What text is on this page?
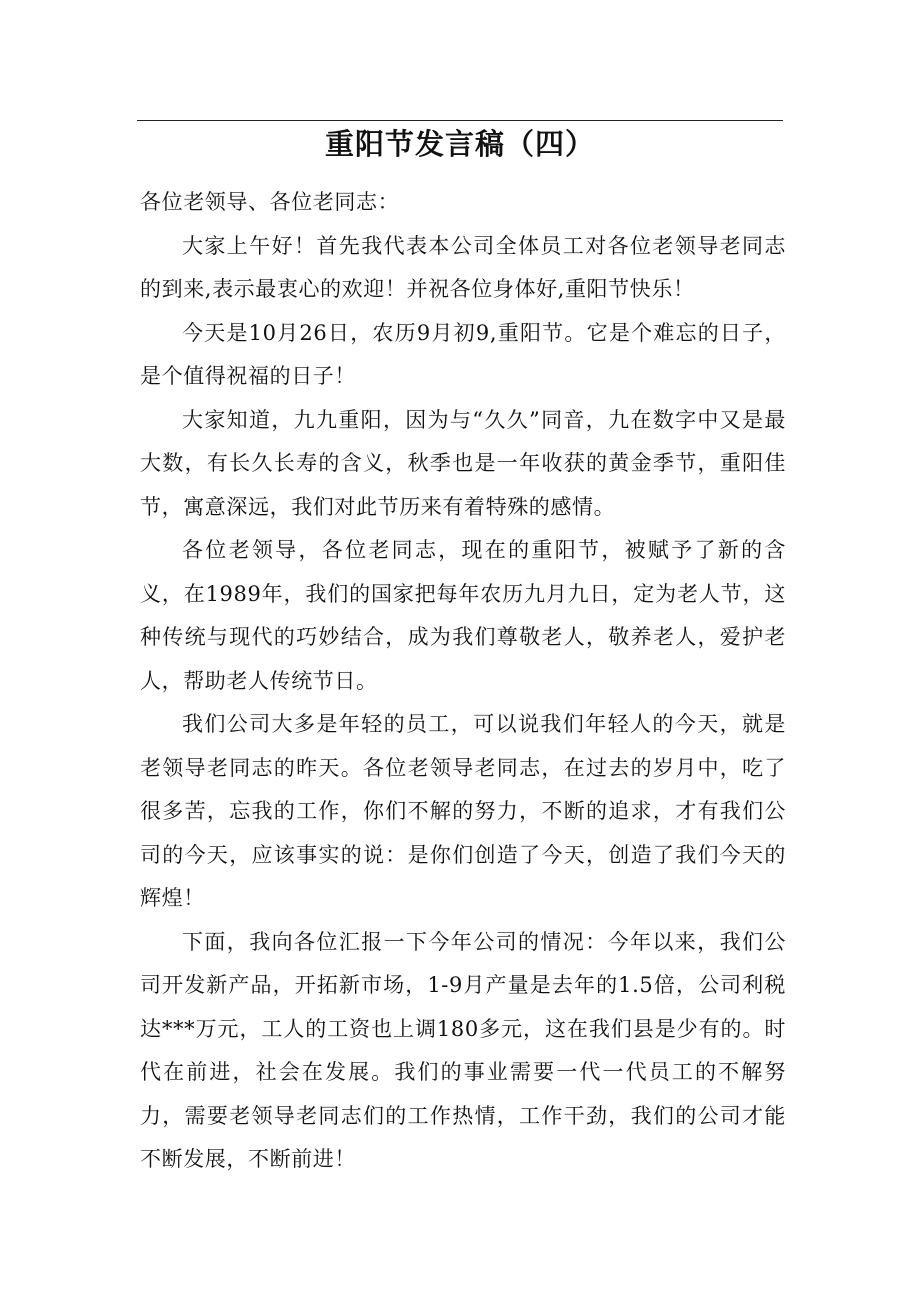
重阳节发言稿（四）

各位老领导、各位老同志：

大家上午好！首先我代表本公司全体员工对各位老领导老同志的到来,表示最衷心的欢迎！并祝各位身体好,重阳节快乐！

今天是10月26日，农历9月初9,重阳节。它是个难忘的日子，是个值得祝福的日子！

大家知道，九九重阳，因为与“久久”同音，九在数字中又是最大数，有长久长寿的含义，秋季也是一年收获的黄金季节，重阳佳节，寓意深远，我们对此节历来有着特殊的感情。

各位老领导，各位老同志，现在的重阳节，被赋予了新的含义，在1989年，我们的国家把每年农历九月九日，定为老人节，这种传统与现代的巧妙结合，成为我们尊敬老人，敬养老人，爱护老人，帮助老人传统节日。

我们公司大多是年轻的员工，可以说我们年轻人的今天，就是老领导老同志的昨天。各位老领导老同志，在过去的岁月中，吃了很多苦，忘我的工作，你们不解的努力，不断的追求，才有我们公司的今天，应该事实的说：是你们创造了今天，创造了我们今天的辉煌！

下面，我向各位汇报一下今年公司的情况：今年以来，我们公司开发新产品，开拓新市场，1-9月产量是去年的1.5倍，公司利税达***万元，工人的工资也上调180多元，这在我们县是少有的。时代在前进，社会在发展。我们的事业需要一代一代员工的不解努力，需要老领导老同志们的工作热情，工作干劲，我们的公司才能不断发展，不断前进！
